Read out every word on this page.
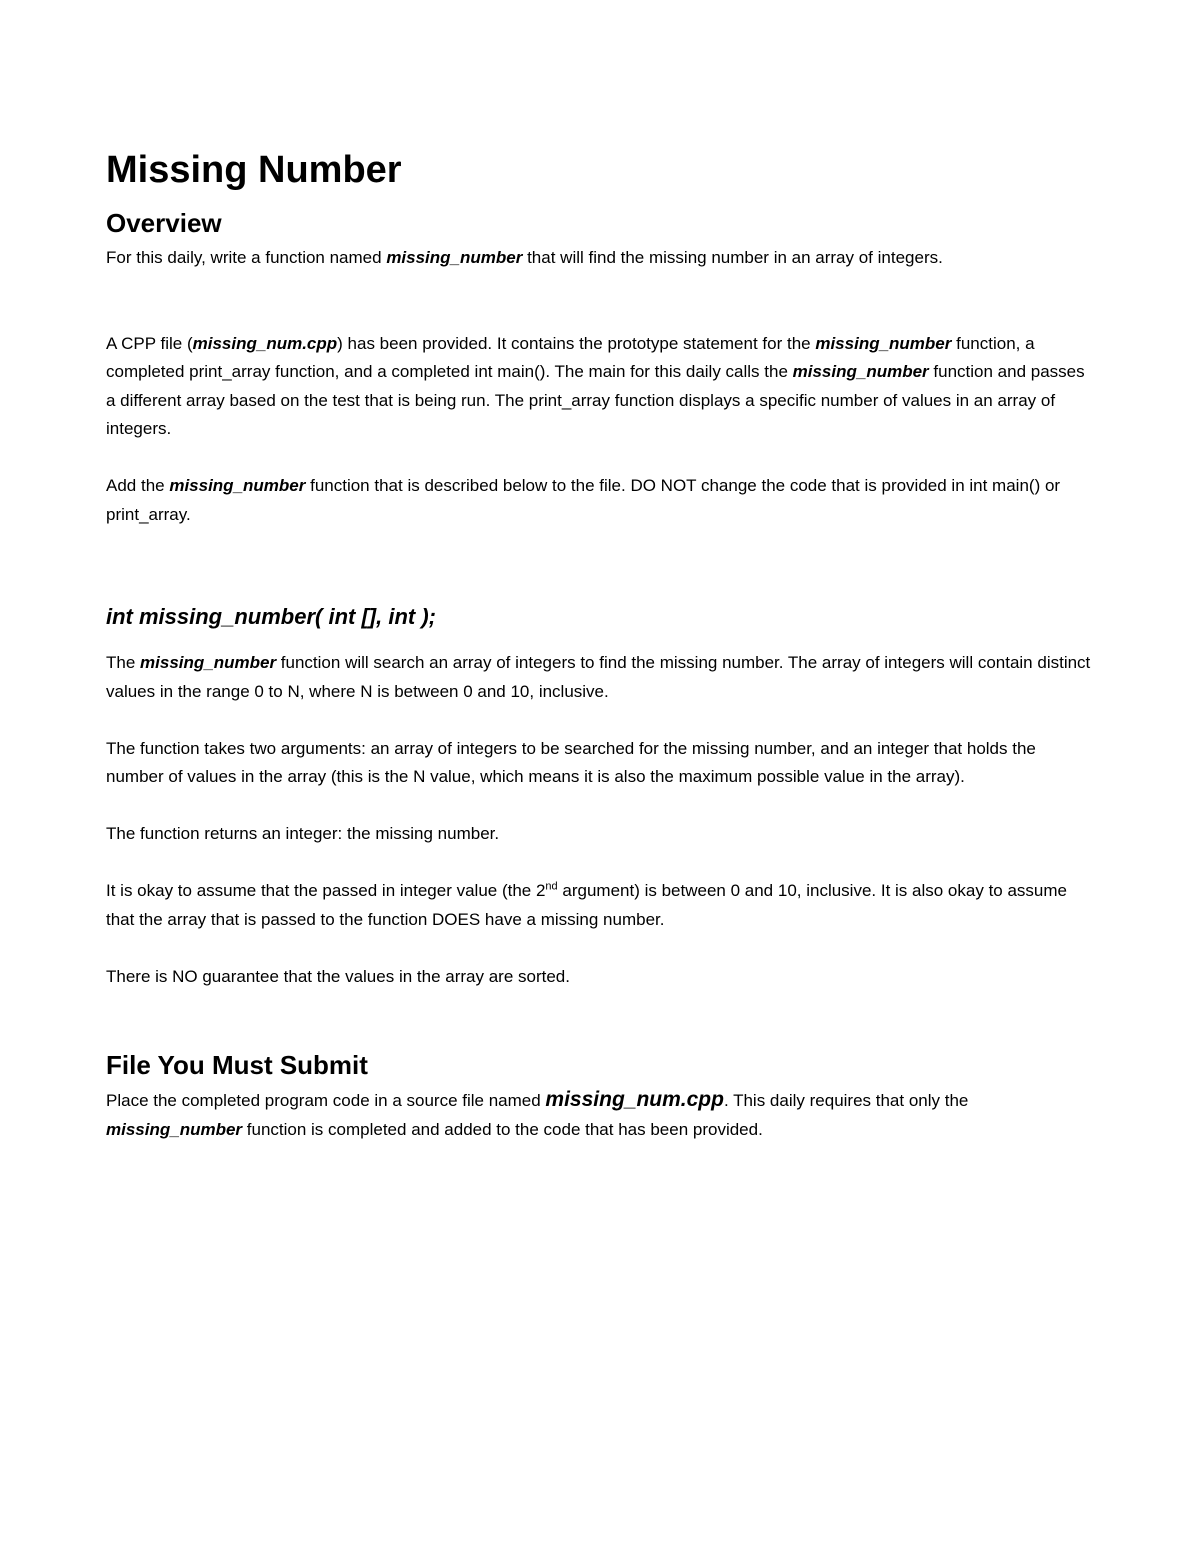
Missing Number
Overview

For this daily, write a function named missing_number that will find the missing number in an array of integers.

A CPP file (missing_num.cpp) has been provided. It contains the prototype statement for the missing_number function, a completed print_array function, and a completed int main(). The main for this daily calls the missing_number function and passes a different array based on the test that is being run. The print_array function displays a specific number of values in an array of integers.

Add the missing_number function that is described below to the file. DO NOT change the code that is provided in int main() or print_array.

int missing_number( int [], int );

The missing_number function will search an array of integers to find the missing number. The array of integers will contain distinct values in the range 0 to N, where N is between 0 and 10, inclusive.

The function takes two arguments: an array of integers to be searched for the missing number, and an integer that holds the number of values in the array (this is the N value, which means it is also the maximum possible value in the array).

The function returns an integer: the missing number.

It is okay to assume that the passed in integer value (the 2nd argument) is between 0 and 10, inclusive. It is also okay to assume that the array that is passed to the function DOES have a missing number.

There is NO guarantee that the values in the array are sorted.

File You Must Submit

Place the completed program code in a source file named missing_num.cpp. This daily requires that only the missing_number function is completed and added to the code that has been provided.
